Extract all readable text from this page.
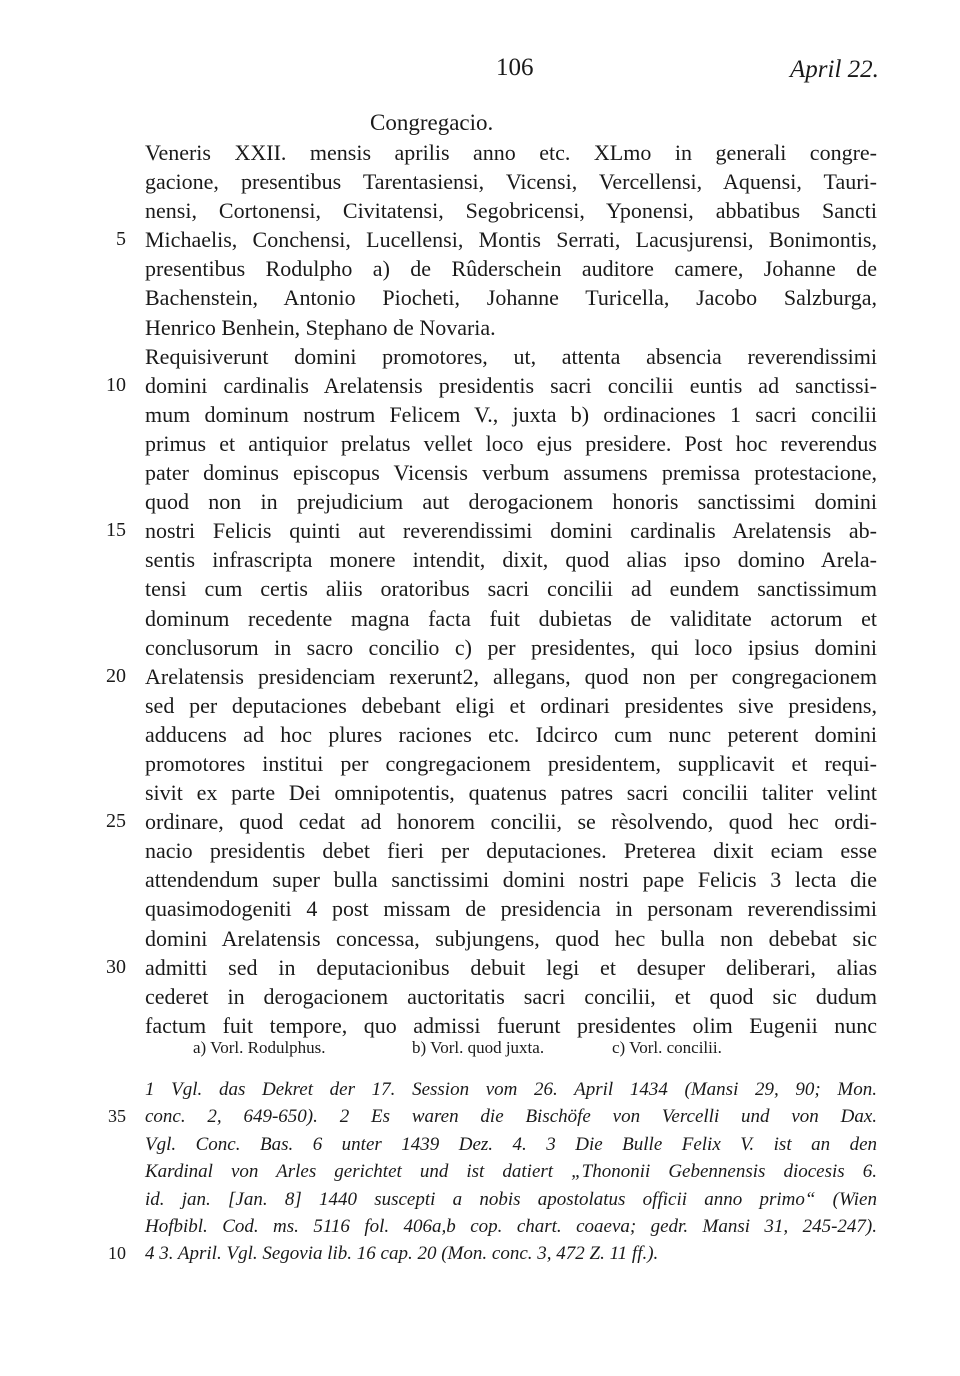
106	April 22.
Congregacio.
Veneris XXII. mensis aprilis anno etc. XLmo in generali congre-
gacione, presentibus Tarentasiensi, Vicensi, Vercellensi, Aquensi, Tauri-
nensi, Cortonensi, Civitatensi, Segobricensi, Yponensi, abbatibus Sancti
5 Michaelis, Conchensi, Lucellensi, Montis Serrati, Lacusjurensi, Bonimontis,
presentibus Rodulpho a) de Rûderschein auditore camere, Johanne de
Bachenstein, Antonio Piocheti, Johanne Turicella, Jacobo Salzburga,
Henrico Benhein, Stephano de Novaria.
Requisiverunt domini promotores, ut, attenta absencia reverendissimi
10 domini cardinalis Arelatensis presidentis sacri concilii euntis ad sanctissi-
mum dominum nostrum Felicem V., juxta b) ordinaciones 1 sacri concilii
primus et antiquior prelatus vellet loco ejus presidere. Post hoc reverendus
pater dominus episcopus Vicensis verbum assumens premissa protestacione,
quod non in prejudicium aut derogacionem honoris sanctissimi domini
15 nostri Felicis quinti aut reverendissimi domini cardinalis Arelatensis ab-
sentis infrascripta monere intendit, dixit, quod alias ipso domino Arela-
tensi cum certis aliis oratoribus sacri concilii ad eundem sanctissimum
dominum recedente magna facta fuit dubietas de validitate actorum et
conclusorum in sacro concilio c) per presidentes, qui loco ipsius domini
20 Arelatensis presidenciam rexerunt2, allegans, quod non per congregacionem
sed per deputaciones debebant eligi et ordinari presidentes sive presidens,
adducens ad hoc plures raciones etc. Idcirco cum nunc peterent domini
promotores institui per congregacionem presidentem, supplicavit et requi-
sivit ex parte Dei omnipotentis, quatenus patres sacri concilii taliter velint
25 ordinare, quod cedat ad honorem concilii, se rèsolvendo, quod hec ordi-
nacio presidentis debet fieri per deputaciones. Preterea dixit eciam esse
attendendum super bulla sanctissimi domini nostri pape Felicis 3 lecta die
quasimodogeniti 4 post missam de presidencia in personam reverendissimi
domini Arelatensis concessa, subjungens, quod hec bulla non debebat sic
30 admitti sed in deputacionibus debuit legi et desuper deliberari, alias
cederet in derogacionem auctoritatis sacri concilii, et quod sic dudum
factum fuit tempore, quo admissi fuerunt presidentes olim Eugenii nunc
a) Vorl. Rodulphus.	b) Vorl. quod juxta.	c) Vorl. concilii.
1 Vgl. das Dekret der 17. Session vom 26. April 1434 (Mansi 29, 90; Mon.
35 conc. 2, 649-650). 2 Es waren die Bischöfe von Vercelli und von Dax.
Vgl. Conc. Bas. 6 unter 1439 Dez. 4. 3 Die Bulle Felix V. ist an den
Kardinal von Arles gerichtet und ist datiert „Thononii Gebennensis diocesis 6.
id. jan. [Jan. 8] 1440 suscepti a nobis apostolatus officii anno primo“ (Wien
Hofbibl. Cod. ms. 5116 fol. 406a,b cop. chart. coaeva; gedr. Mansi 31, 245-247).
10 4 3. April. Vgl. Segovia lib. 16 cap. 20 (Mon. conc. 3, 472 Z. 11 ff.).
